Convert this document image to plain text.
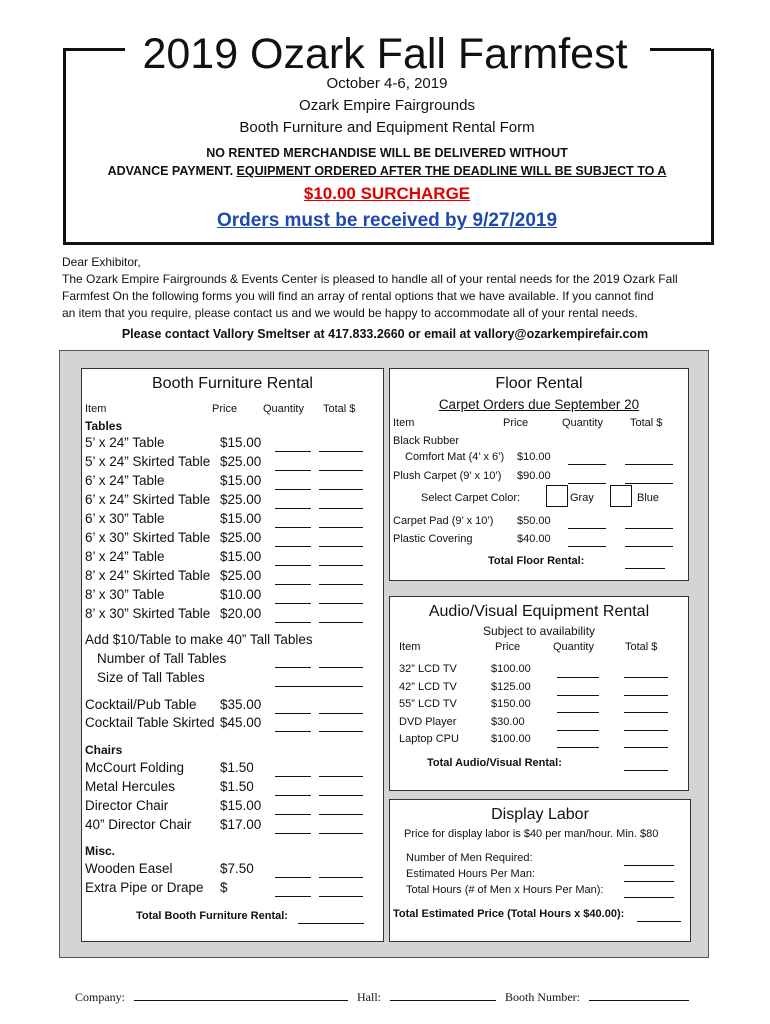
2019 Ozark Fall Farmfest
October 4-6, 2019
Ozark Empire Fairgrounds
Booth Furniture and Equipment Rental Form
NO RENTED MERCHANDISE WILL BE DELIVERED WITHOUT
ADVANCE PAYMENT. EQUIPMENT ORDERED AFTER THE DEADLINE WILL BE SUBJECT TO A
$10.00 SURCHARGE
Orders must be received by 9/27/2019
Dear Exhibitor,
The Ozark Empire Fairgrounds & Events Center is pleased to handle all of your rental needs for the 2019 Ozark Fall
Farmfest On the following forms you will find an array of rental options that we have available. If you cannot find
an item that you require, please contact us and we would be happy to accommodate all of your rental needs.
Please contact Vallory Smeltser at 417.833.2660 or email at vallory@ozarkempirefair.com
Booth Furniture Rental
Item	Price Quantity Total $
Tables
5’ x 24” Table	$15.00
5’ x 24” Skirted Table $25.00
6’ x 24” Table	$15.00
6’ x 24” Skirted Table $25.00
6’ x 30” Table	$15.00
6’ x 30” Skirted Table $25.00
8’ x 24” Table	$15.00
8’ x 24” Skirted Table $25.00
8’ x 30” Table	$10.00
8’ x 30” Skirted Table $20.00
Add $10/Table to make 40” Tall Tables
Number of Tall Tables
Size of Tall Tables
Cocktail/Pub Table $35.00
Cocktail Table Skirted $45.00
Chairs
McCourt Folding	$1.50
Metal Hercules	$1.50
Director Chair	$15.00
40” Director Chair $17.00
Misc.
Wooden Easel	$7.50
Extra Pipe or Drape $
Total Booth Furniture Rental:
Floor Rental
Carpet Orders due September 20
Item	Price	Quantity Total $
Black Rubber
Comfort Mat (4’ x 6’) $10.00
Plush Carpet (9’ x 10’) $90.00
Select Carpet Color:	Gray	Blue
Carpet Pad (9’ x 10’) $50.00
Plastic Covering	$40.00
Total Floor Rental:
Audio/Visual Equipment Rental
Subject to availability
Item	Price	Quantity	Total $
32” LCD TV	$100.00
42” LCD TV	$125.00
55” LCD TV	$150.00
DVD Player	$30.00
Laptop CPU	$100.00
Total Audio/Visual Rental:
Display Labor
Price for display labor is $40 per man/hour. Min. $80
Number of Men Required:
Estimated Hours Per Man:
Total Hours (# of Men x Hours Per Man):
Total Estimated Price (Total Hours x $40.00):
Company:	Hall:	Booth Number:
